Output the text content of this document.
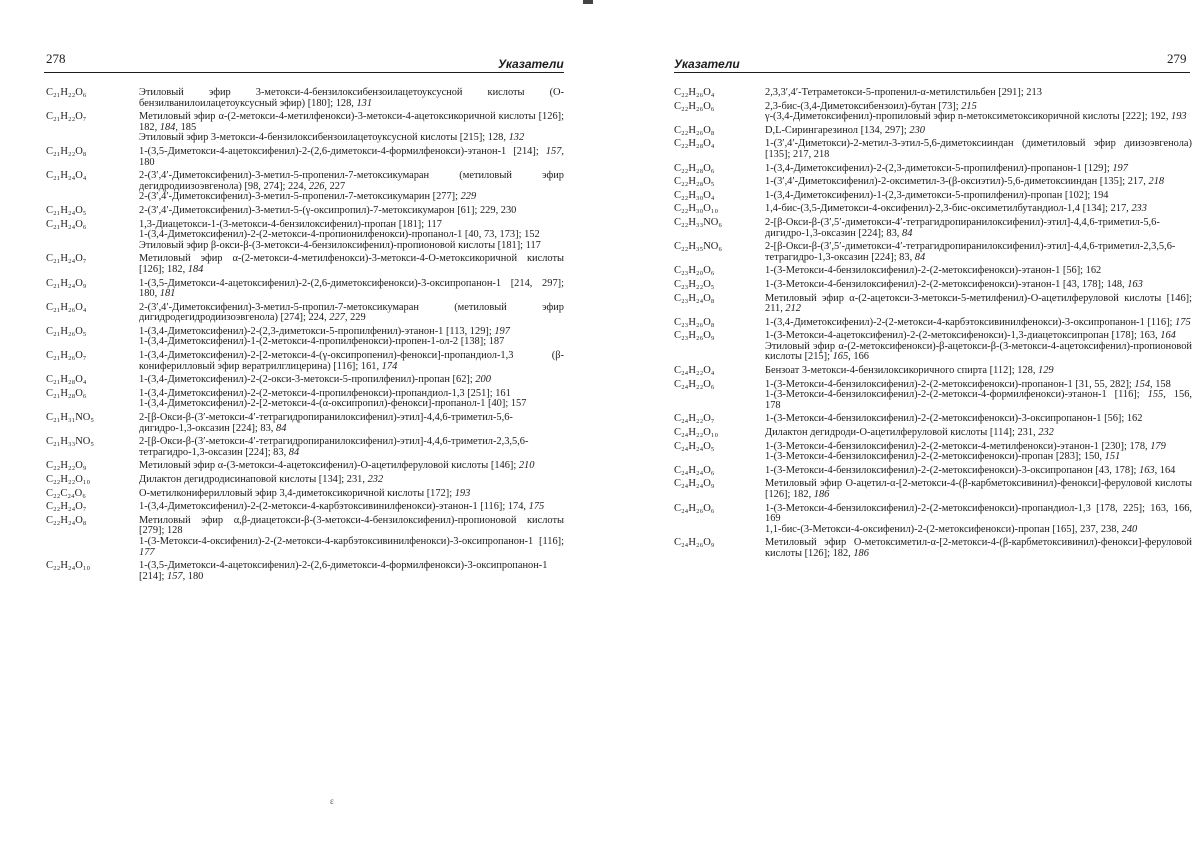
278	Указатели
C₂₁H₂₂O₆	Этиловый эфир 3-метокси-4-бензилоксибензоилацетоуксусной кислоты (O-бензилванилоилацетоуксусный эфир) [180]; 128, 131
C₂₁H₂₂O₇	Метиловый эфир α-(2-метокси-4-метилфенокси)-3-метокси-4-ацетоксикоричной кислоты [126]; 182, 184, 185
Этиловый эфир 3-метокси-4-бензилоксибензоилацетоуксусной кислоты [215]; 128, 132
C₂₁H₂₂O₈	1-(3,5-Диметокси-4-ацетоксифенил)-2-(2,6-диметокси-4-формилфенокси)-этанон-1 [214]; 157, 180
C₂₁H₂₄O₄	2-(3′,4′-Диметоксифенил)-3-метил-5-пропенил-7-метоксикумаран (метиловый эфир дегидродиизоэвгенола) [98, 274]; 224, 226, 227
2-(3′,4′-Диметоксифенил)-3-метил-5-пропенил-7-метоксикумарин [277]; 229
C₂₁H₂₄O₅	2-(3′,4′-Диметоксифенил)-3-метил-5-(γ-оксипропил)-7-метоксикумарон [61]; 229, 230
C₂₁H₂₄O₆	1,3-Диацетокси-1-(3-метокси-4-бензилоксифенил)-пропан [181]; 117
1-(3,4-Диметоксифенил)-2-(2-метокси-4-пропионилфенокси)-пропанол-1 [40, 73, 173]; 152
Этиловый эфир β-окси-β-(3-метокси-4-бензилоксифенил)-пропионовой кислоты [181]; 117
C₂₁H₂₄O₇	Метиловый эфир α-(2-метокси-4-метилфенокси)-3-метокси-4-O-метоксикоричной кислоты [126]; 182, 184
C₂₁H₂₄O₉	1-(3,5-Диметокси-4-ацетоксифенил)-2-(2,6-диметоксифенокси)-3-оксипропанон-1 [214, 297]; 180, 181
C₂₁H₂₆O₄	2-(3′,4′-Диметоксифенил)-3-метил-5-пропил-7-метоксикумаран (метиловый эфир дигидродегидродиизоэвгенола) [274]; 224, 227, 229
C₂₁H₂₆O₅	1-(3,4-Диметоксифенил)-2-(2,3-диметокси-5-пропилфенил)-этанон-1 [113, 129]; 197
1-(3,4-Диметоксифенил)-1-(2-метокси-4-пропилфенокси)-пропен-1-ол-2 [138]; 187
C₂₁H₂₆O₇	1-(3,4-Диметоксифенил)-2-[2-метокси-4-(γ-оксипропенил)-фенокси]-пропандиол-1,3 (β-кониферилловый эфир вератрилглицерина) [116]; 161, 174
C₂₁H₂₈O₄	1-(3,4-Диметоксифенил)-2-(2-окси-3-метокси-5-пропилфенил)-пропан [62]; 200
C₂₁H₂₈O₆	1-(3,4-Диметоксифенил)-2-(2-метокси-4-пропилфенокси)-пропандиол-1,3 [251]; 161
1-(3,4-Диметоксифенил)-2-[2-метокси-4-(α-оксипропил)-фенокси]-пропанол-1 [40]; 157
C₂₁H₃₁NO₅	2-[β-Окси-β-(3′-метокси-4′-тетрагидропиранилоксифенил)-этил]-4,4,6-триметил-5,6-дигидро-1,3-оксазин [224]; 83, 84
C₂₁H₃₃NO₅	2-[β-Окси-β-(3′-метокси-4′-тетрагидропиранилоксифенил)-этил]-4,4,6-триметил-2,3,5,6-тетрагидро-1,3-оксазин [224]; 83, 84
C₂₂H₂₂O₉	Метиловый эфир α-(3-метокси-4-ацетоксифенил)-O-ацетилферуловой кислоты [146]; 210
C₂₂H₂₂O₁₀	Дилактон дегидродисинаповой кислоты [134]; 231, 232
C₂₂C₂₄O₆	O-метилкониферилловый эфир 3,4-диметоксикоричной кислоты [172]; 193
C₂₂H₂₄O₇	1-(3,4-Диметоксифенил)-2-(2-метокси-4-карбэтоксивинилфенокси)-этанон-1 [116]; 174, 175
C₂₂H₂₄O₈	Метиловый эфир α,β-диацетокси-β-(3-метокси-4-бензилоксифенил)-пропионовой кислоты [279]; 128
1-(3-Метокси-4-оксифенил)-2-(2-метокси-4-карбэтоксивинилфенокси)-3-оксипропанон-1 [116]; 177
C₂₂H₂₄O₁₀	1-(3,5-Диметокси-4-ацетоксифенил)-2-(2,6-диметокси-4-формилфенокси)-3-оксипропанон-1 [214]; 157, 180
279
Указатели
C₂₂H₂₆O₄	2,3,3′,4′-Тетраметокси-5-пропенил-α-метилстильбен [291]; 213
C₂₂H₂₆O₆	2,3-бис-(3,4-Диметоксибензоил)-бутан [73]; 215
γ-(3,4-Диметоксифенил)-пропиловый эфир n-метоксиметоксикоричной кислоты [222]; 192, 193
C₂₂H₂₆O₈	D,L-Сирингарезинол [134, 297]; 230
C₂₂H₂₈O₄	1-(3′,4′-Диметокси)-2-метил-3-этил-5,6-диметоксииндан (диметиловый эфир диизоэвгенола) [135]; 217, 218
C₂₂H₂₈O₆	1-(3,4-Диметоксифенил)-2-(2,3-диметокси-5-пропилфенил)-пропанон-1 [129]; 197
C₂₂H₂₈O₅	1-(3′,4′-Диметоксифенил)-2-оксиметил-3-(β-оксиэтил)-5,6-диметоксииндан [135]; 217, 218
C₂₂H₃₀O₄	1-(3,4-Диметоксифенил)-1-(2,3-диметокси-5-пропилфенил)-пропан [102]; 194
C₂₂H₃₀O₁₀	1,4-бис-(3,5-Диметокси-4-оксифенил)-2,3-бис-оксиметилбутандиол-1,4 [134]; 217, 233
C₂₂H₃₃NO₆	2-[β-Окси-β-(3′,5′-диметокси-4′-тетрагидропиранилоксифенил)-этил]-4,4,6-триметил-5,6-дигидро-1,3-оксазин [224]; 83, 84
C₂₂H₃₅NO₆	2-[β-Окси-β-(3′,5′-диметокси-4′-тетрагидропиранилоксифенил)-этил]-4,4,6-триметил-2,3,5,6-тетрагидро-1,3-оксазин [224]; 83, 84
C₂₃H₂₀O₆	1-(3-Метокси-4-бензилоксифенил)-2-(2-метоксифенокси)-этанон-1 [56]; 162
C₂₃H₂₂O₅	1-(3-Метокси-4-бензилоксифенил)-2-(2-метоксифенокси)-этанон-1 [43, 178]; 148, 163
C₂₃H₂₄O₈	Метиловый эфир α-(2-ацетокси-3-метокси-5-метилфенил)-O-ацетилферуловой кислоты [146]; 211, 212
C₂₃H₂₆O₈	1-(3,4-Диметоксифенил)-2-(2-метокси-4-карбэтоксивинилфенокси)-3-оксипропанон-1 [116]; 175
C₂₃H₂₆O₉	1-(3-Метокси-4-ацетоксифенил)-2-(2-метоксифенокси)-1,3-диацетоксипропан [178]; 163, 164
Этиловый эфир α-(2-метоксифенокси)-β-ацетокси-β-(3-метокси-4-ацетоксифенил)-пропионовой кислоты [215]; 165, 166
C₂₄H₂₂O₄	Бензоат 3-метокси-4-бензилоксикоричного спирта [112]; 128, 129
C₂₄H₂₂O₆	1-(3-Метокси-4-бензилоксифенил)-2-(2-метоксифенокси)-пропанон-1 [31, 55, 282]; 154, 158
1-(3-Метокси-4-бензилоксифенил)-2-(2-метокси-4-формилфенокси)-этанон-1 [116]; 155, 156, 178
C₂₄H₂₂O₇	1-(3-Метокси-4-бензилоксифенил)-2-(2-метоксифенокси)-3-оксипропанон-1 [56]; 162
C₂₄H₂₂O₁₀	Дилактон дегидроди-O-ацетилферуловой кислоты [114]; 231, 232
C₂₄H₂₄O₅	1-(3-Метокси-4-бензилоксифенил)-2-(2-метокси-4-метилфенокси)-этанон-1 [230]; 178, 179
1-(3-Метокси-4-бензилоксифенил)-2-(2-метоксифенокси)-пропан [283]; 150, 151
C₂₄H₂₄O₆	1-(3-Метокси-4-бензилоксифенил)-2-(2-метоксифенокси)-3-оксипропанон [43, 178]; 163, 164
C₂₄H₂₄O₉	Метиловый эфир O-ацетил-α-[2-метокси-4-(β-карбметоксивинил)-фенокси]-феруловой кислоты [126]; 182, 186
C₂₄H₂₆O₆	1-(3-Метокси-4-бензилоксифенил)-2-(2-метоксифенокси)-пропандиол-1,3 [178, 225]; 163, 166, 169
1,1-бис-(3-Метокси-4-оксифенил)-2-(2-метоксифенокси)-пропан [165], 237, 238, 240
C₂₄H₂₆O₉	Метиловый эфир O-метоксиметил-α-[2-метокси-4-(β-карбметоксивинил)-фенокси]-феруловой кислоты [126]; 182, 186
ε
